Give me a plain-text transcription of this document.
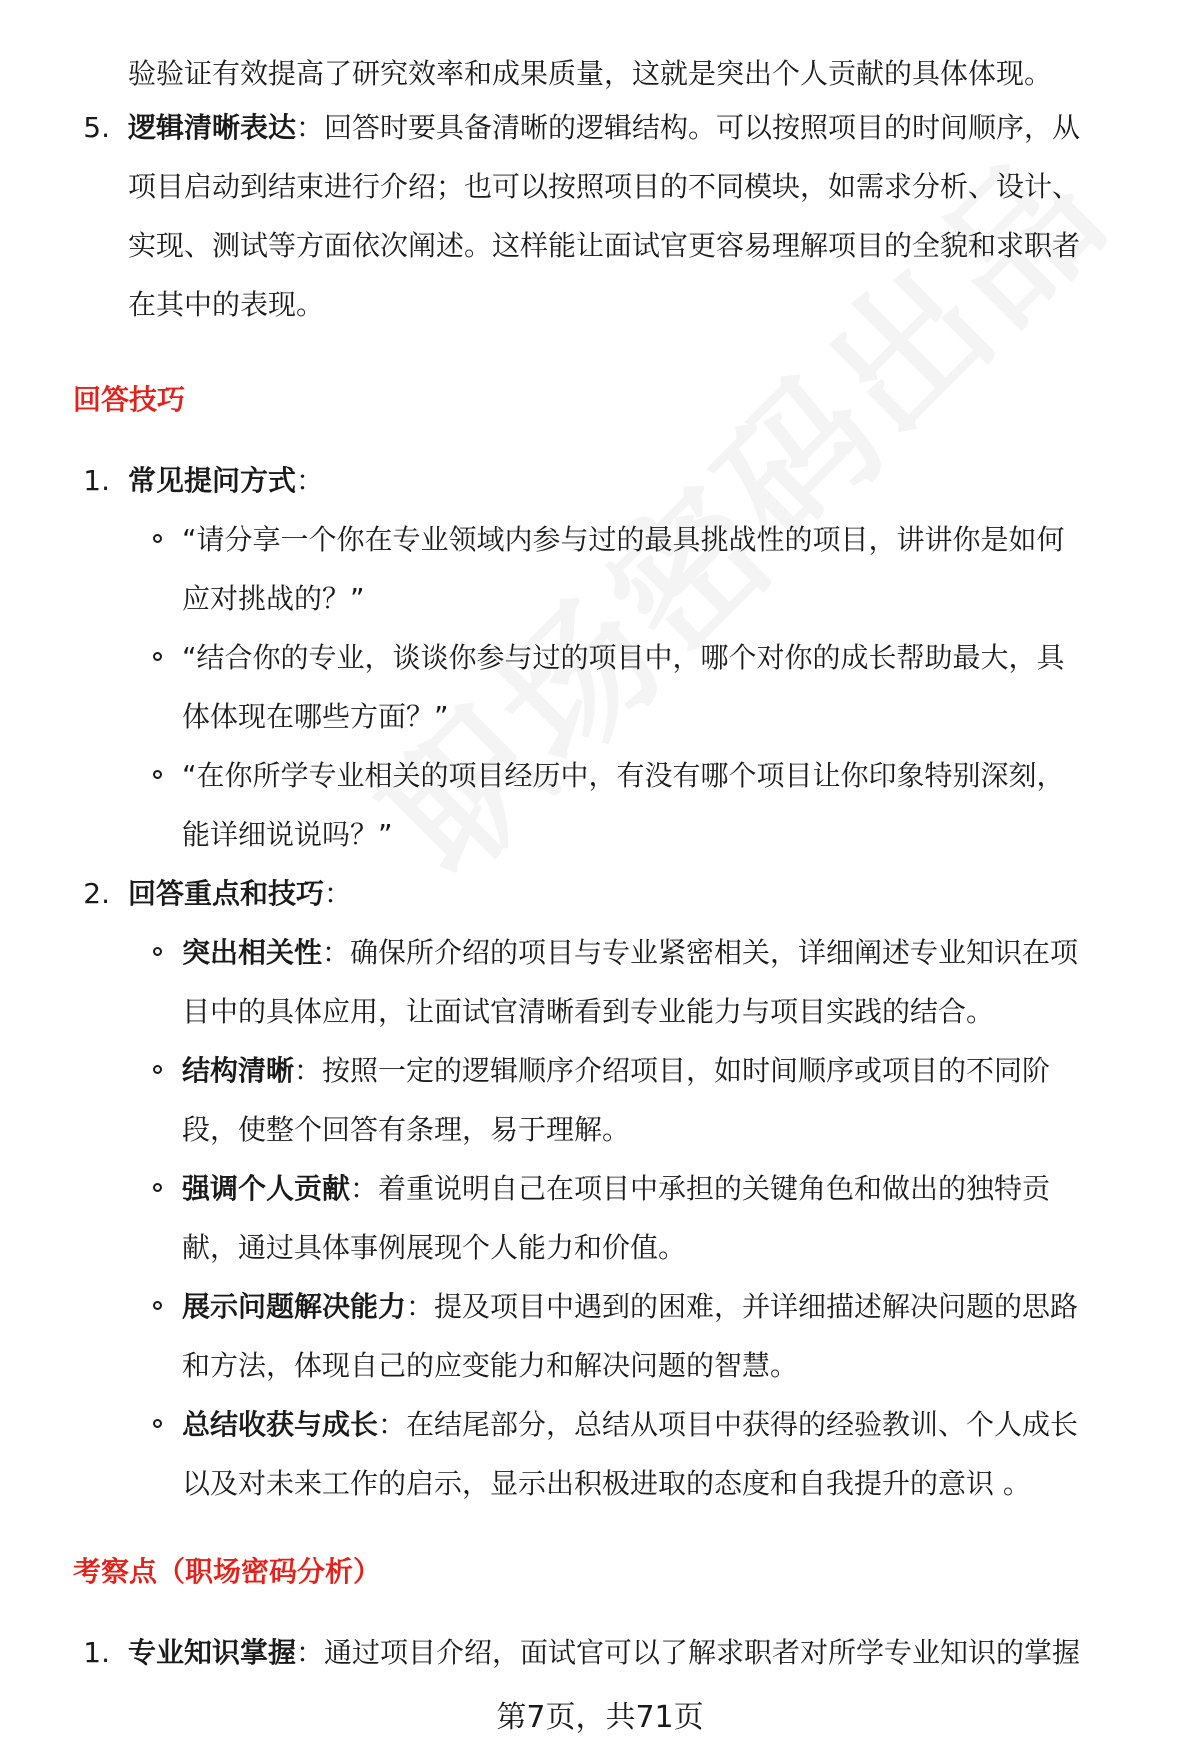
验验证有效提高了研究效率和成果质量，这就是突出个人贡献的具体体现。
5. 逻辑清晰表达：回答时要具备清晰的逻辑结构。可以按照项目的时间顺序，从
项目启动到结束进行介绍；也可以按照项目的不同模块，如需求分析、设计、
实现、测试等方面依次阐述。这样能让面试官更容易理解项目的全貌和求职者
在其中的表现。
回答技巧
1. 常见提问方式：
“请分享一个你在专业领域内参与过的最具挑战性的项目，讲讲你是如何
应对挑战的？”
“结合你的专业，谈谈你参与过的项目中，哪个对你的成长帮助最大，具
体体现在哪些方面？”
“在你所学专业相关的项目经历中，有没有哪个项目让你印象特别深刻，
能详细说说吗？”
2. 回答重点和技巧：
突出相关性：确保所介绍的项目与专业紧密相关，详细阐述专业知识在项
目中的具体应用，让面试官清晰看到专业能力与项目实践的结合。
结构清晰：按照一定的逻辑顺序介绍项目，如时间顺序或项目的不同阶
段，使整个回答有条理，易于理解。
强调个人贡献：着重说明自己在项目中承担的关键角色和做出的独特贡
献，通过具体事例展现个人能力和价值。
展示问题解决能力：提及项目中遇到的困难，并详细描述解决问题的思路
和方法，体现自己的应变能力和解决问题的智慧。
总结收获与成长：在结尾部分，总结从项目中获得的经验教训、个人成长
以及对未来工作的启示，显示出积极进取的态度和自我提升的意识 。
考察点（职场密码分析）
1. 专业知识掌握：通过项目介绍，面试官可以了解求职者对所学专业知识的掌握
第7页，共71页
